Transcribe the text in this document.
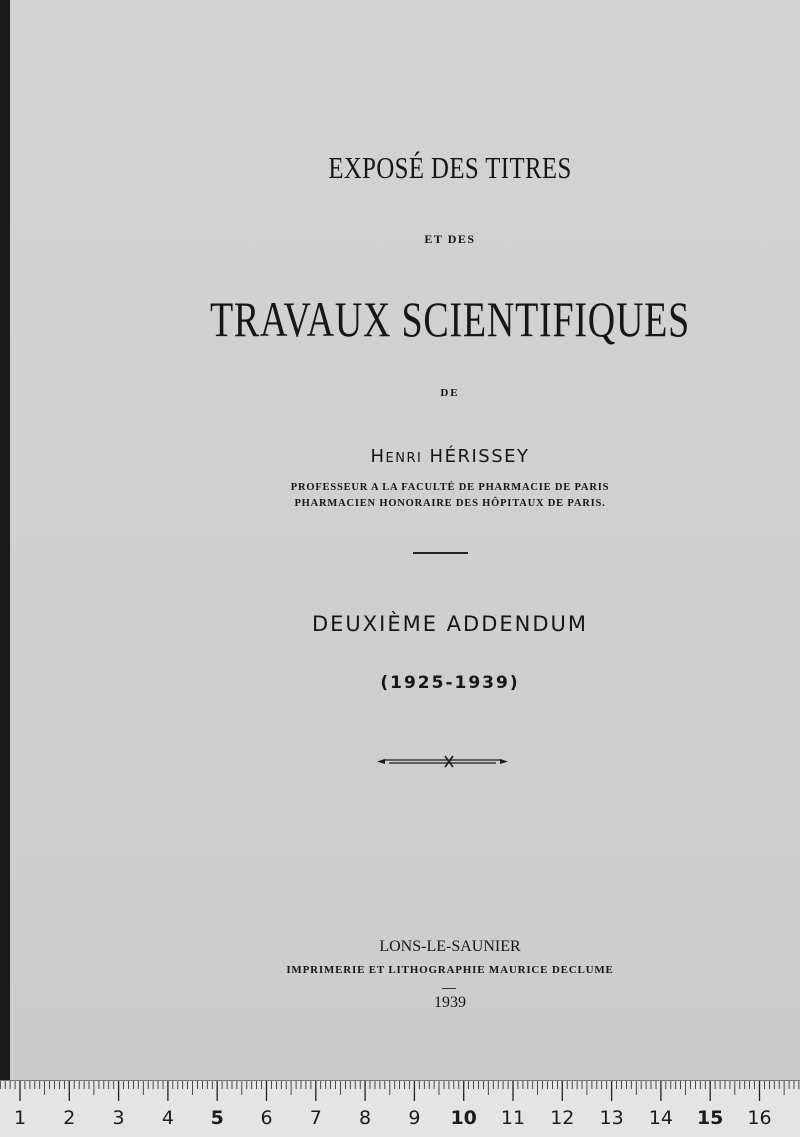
EXPOSÉ DES TITRES
ET DES
TRAVAUX SCIENTIFIQUES
DE
Henri HÉRISSEY
PROFESSEUR A LA FACULTÉ DE PHARMACIE DE PARIS
PHARMACIEN HONORAIRE DES HÔPITAUX DE PARIS.
DEUXIÈME ADDENDUM
(1925-1939)
LONS-LE-SAUNIER
IMPRIMERIE ET LITHOGRAPHIE MAURICE DECLUME
1939
1 2 3 4 5 6 7 8 9 10 11 12 13 14 15 16
